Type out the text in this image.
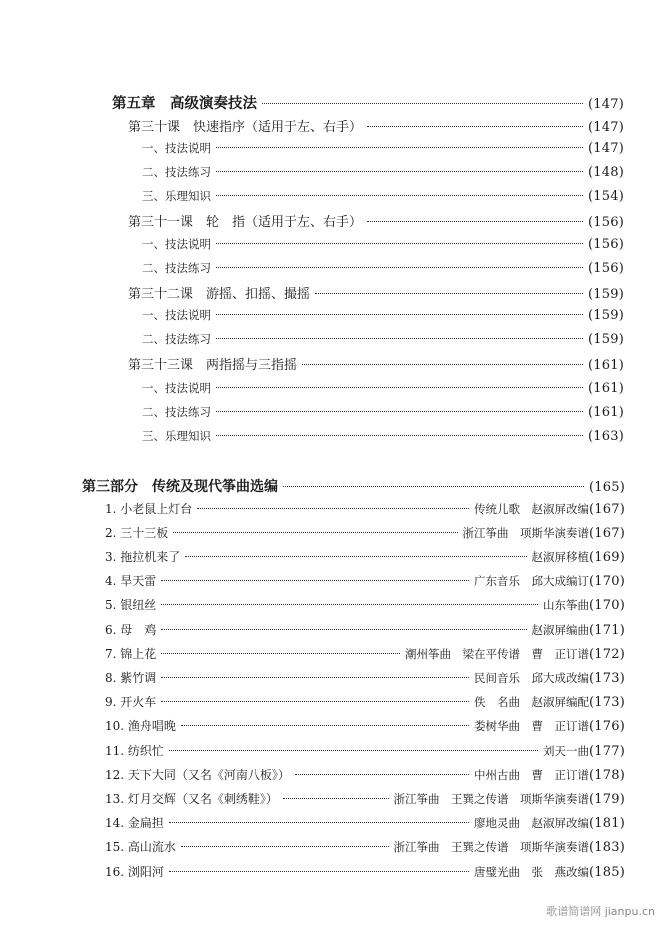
第五章　高级演奏技法	(147)
第三十课　快速指序（适用于左、右手）	(147)
一、技法说明	(147)
二、技法练习	(148)
三、乐理知识	(154)
第三十一课　轮　指（适用于左、右手）	(156)
一、技法说明	(156)
二、技法练习	(156)
第三十二课　游摇、扣摇、撮摇	(159)
一、技法说明	(159)
二、技法练习	(159)
第三十三课　两指摇与三指摇	(161)
一、技法说明	(161)
二、技法练习	(161)
三、乐理知识	(163)
第三部分　传统及现代筝曲选编	(165)
1. 小老鼠上灯台	传统儿歌　赵淑屏改编 (167)
2. 三十三板	浙江筝曲　项斯华演奏谱 (167)
3. 拖拉机来了	赵淑屏移植 (169)
4. 旱天雷	广东音乐　邱大成编订 (170)
5. 银纽丝	山东筝曲 (170)
6. 母　鸡	赵淑屏编曲 (171)
7. 锦上花	潮州筝曲　梁在平传谱　曹　正订谱 (172)
8. 紫竹调	民间音乐　邱大成改编 (173)
9. 开火车	佚　名曲　赵淑屏编配 (173)
10. 渔舟唱晚	娄树华曲　曹　正订谱 (176)
11. 纺织忙	刘天一曲 (177)
12. 天下大同（又名《河南八板》）	中州古曲　曹　正订谱 (178)
13. 灯月交辉（又名《刺绣鞋》）	浙江筝曲　王巽之传谱　项斯华演奏谱 (179)
14. 金扁担	廖地灵曲　赵淑屏改编 (181)
15. 高山流水	浙江筝曲　王巽之传谱　项斯华演奏谱 (183)
16. 浏阳河	唐璧光曲　张　燕改编 (185)
歌谱简谱网 jianpu.cn
